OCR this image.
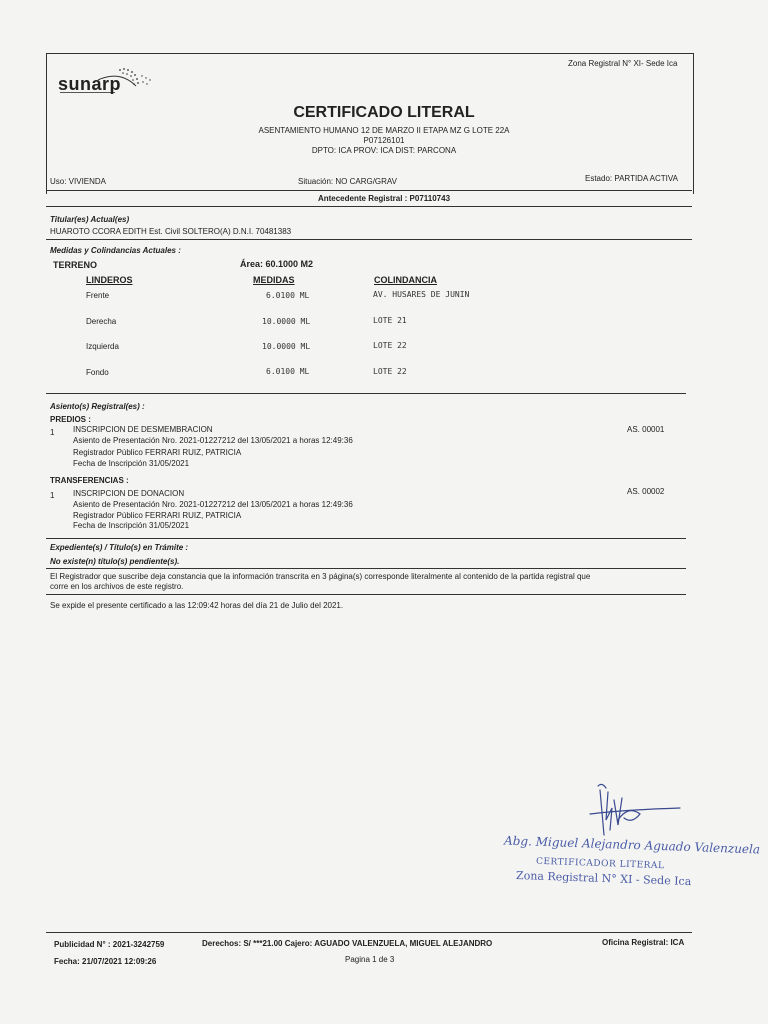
Zona Registral N° XI- Sede Ica
sunarp
CERTIFICADO LITERAL
ASENTAMIENTO HUMANO 12 DE MARZO II ETAPA MZ G LOTE 22A
P07126101
DPTO: ICA PROV: ICA DIST: PARCONA
Uso: VIVIENDA	Situación: NO CARG/GRAV	Estado: PARTIDA ACTIVA
Antecedente Registral : P07110743
Titular(es) Actual(es)
HUAROTO CCORA EDITH Est. Civil SOLTERO(A) D.N.I. 70481383
Medidas y Colindancias Actuales :
TERRENO	Área: 60.1000 M2
LINDEROS	MEDIDAS	COLINDANCIA
Frente	6.0100 ML	AV. HUSARES DE JUNIN
Derecha	10.0000 ML	LOTE 21
Izquierda	10.0000 ML	LOTE 22
Fondo	6.0100 ML	LOTE 22
Asiento(s) Registral(es) :
PREDIOS :
1 INSCRIPCION DE DESMEMBRACION
Asiento de Presentación Nro. 2021-01227212 del 13/05/2021 a horas 12:49:36
Registrador Público FERRARI RUIZ, PATRICIA
Fecha de Inscripción 31/05/2021
AS. 00001
TRANSFERENCIAS :
1 INSCRIPCION DE DONACION
Asiento de Presentación Nro. 2021-01227212 del 13/05/2021 a horas 12:49:36
Registrador Público FERRARI RUIZ, PATRICIA
Fecha de Inscripción 31/05/2021
AS. 00002
Expediente(s) / Título(s) en Trámite :
No existe(n) título(s) pendiente(s).
El Registrador que suscribe deja constancia que la información transcrita en 3 página(s) corresponde literalmente al contenido de la partida registral que
corre en los archivos de este registro.
Se expide el presente certificado a las 12:09:42 horas del día 21 de Julio del 2021.
Abg. Miguel Alejandro Aguado Valenzuela
CERTIFICADOR LITERAL
Zona Registral N° XI - Sede Ica
Publicidad N° : 2021-3242759	Derechos: S/ ***21.00 Cajero: AGUADO VALENZUELA, MIGUEL ALEJANDRO	Oficina Registral: ICA
Fecha: 21/07/2021 12:09:26	Pagina 1 de 3
